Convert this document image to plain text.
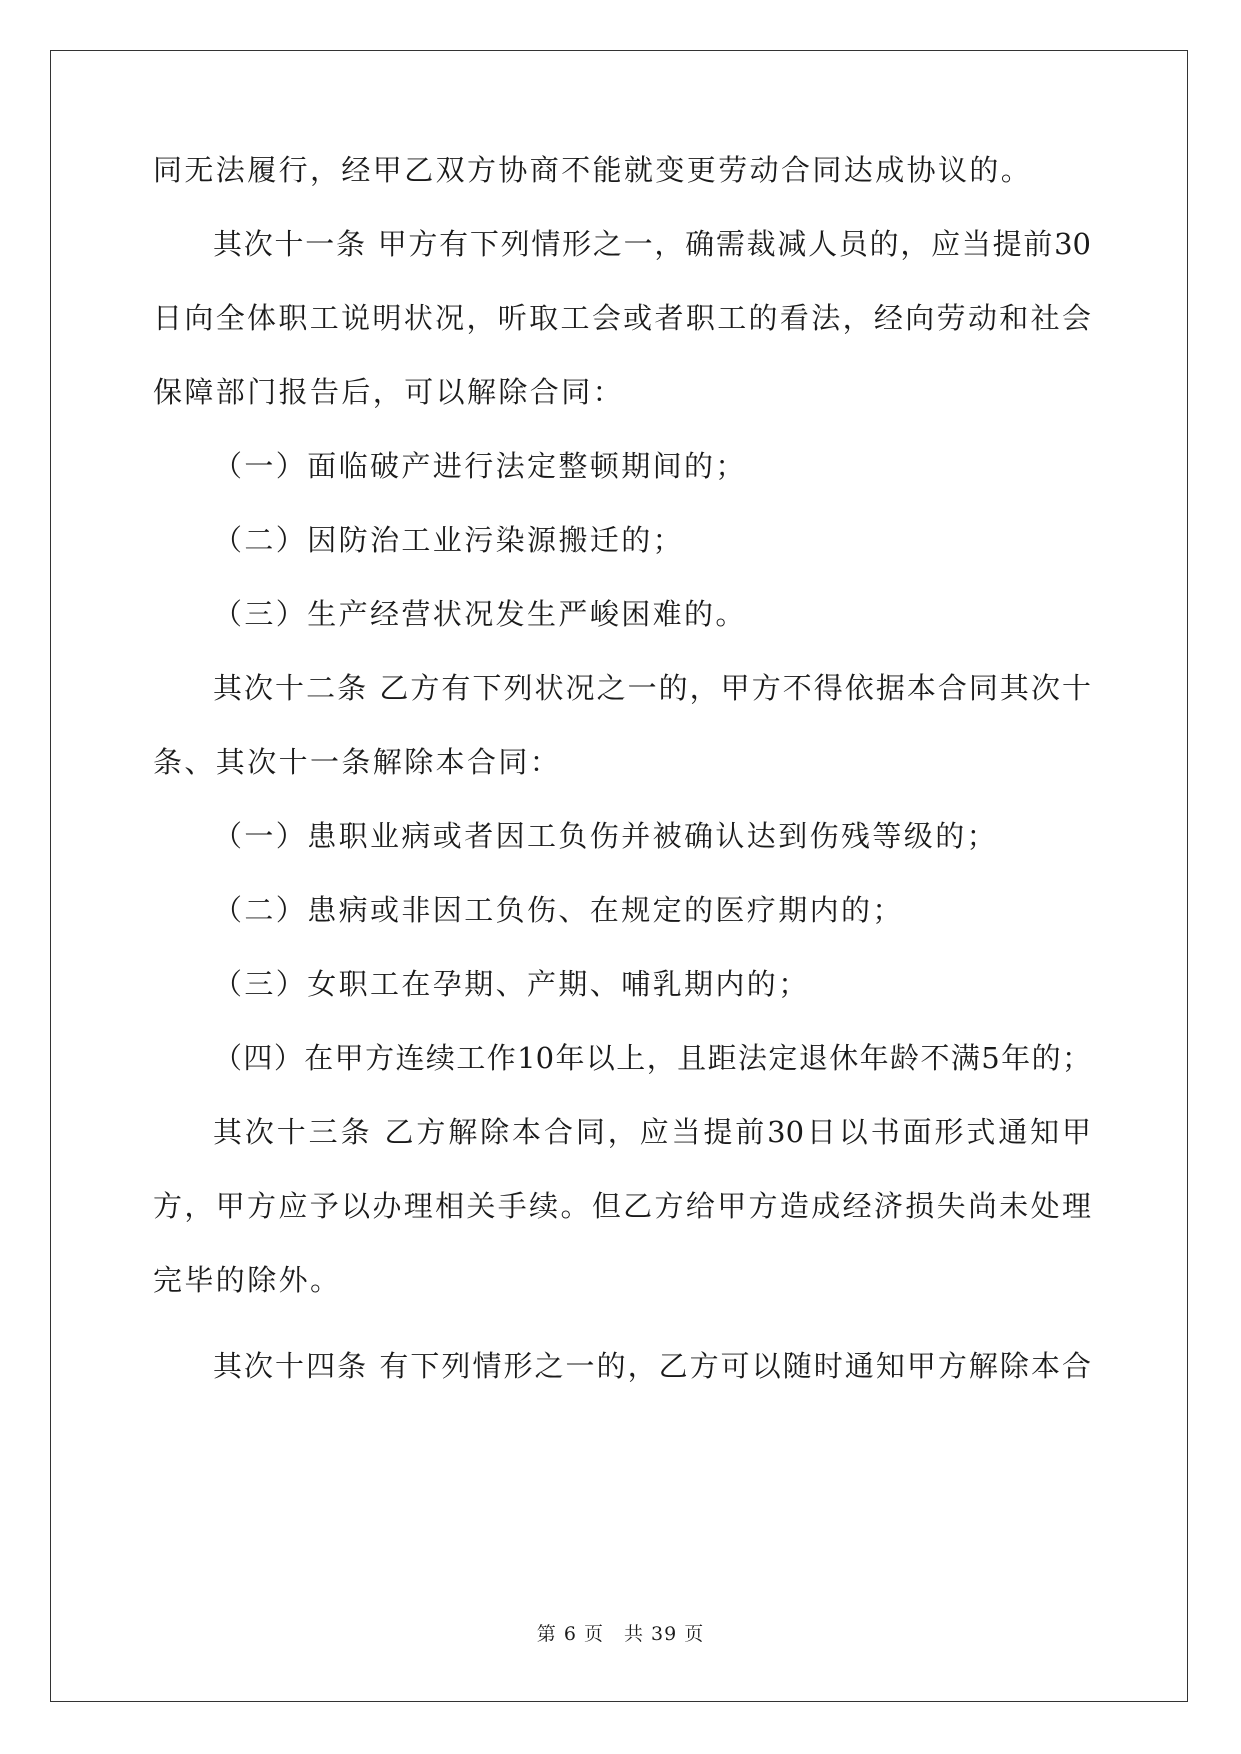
同无法履行，经甲乙双方协商不能就变更劳动合同达成协议的。
其次十一条 甲方有下列情形之一，确需裁减人员的，应当提前30
日向全体职工说明状况，听取工会或者职工的看法，经向劳动和社会
保障部门报告后，可以解除合同：
（一）面临破产进行法定整顿期间的；
（二）因防治工业污染源搬迁的；
（三）生产经营状况发生严峻困难的。
其次十二条 乙方有下列状况之一的，甲方不得依据本合同其次十
条、其次十一条解除本合同：
（一）患职业病或者因工负伤并被确认达到伤残等级的；
（二）患病或非因工负伤、在规定的医疗期内的；
（三）女职工在孕期、产期、哺乳期内的；
（四）在甲方连续工作10年以上，且距法定退休年龄不满5年的；
其次十三条 乙方解除本合同，应当提前30日以书面形式通知甲
方，甲方应予以办理相关手续。但乙方给甲方造成经济损失尚未处理
完毕的除外。
其次十四条 有下列情形之一的，乙方可以随时通知甲方解除本合
第 6 页　共 39 页
